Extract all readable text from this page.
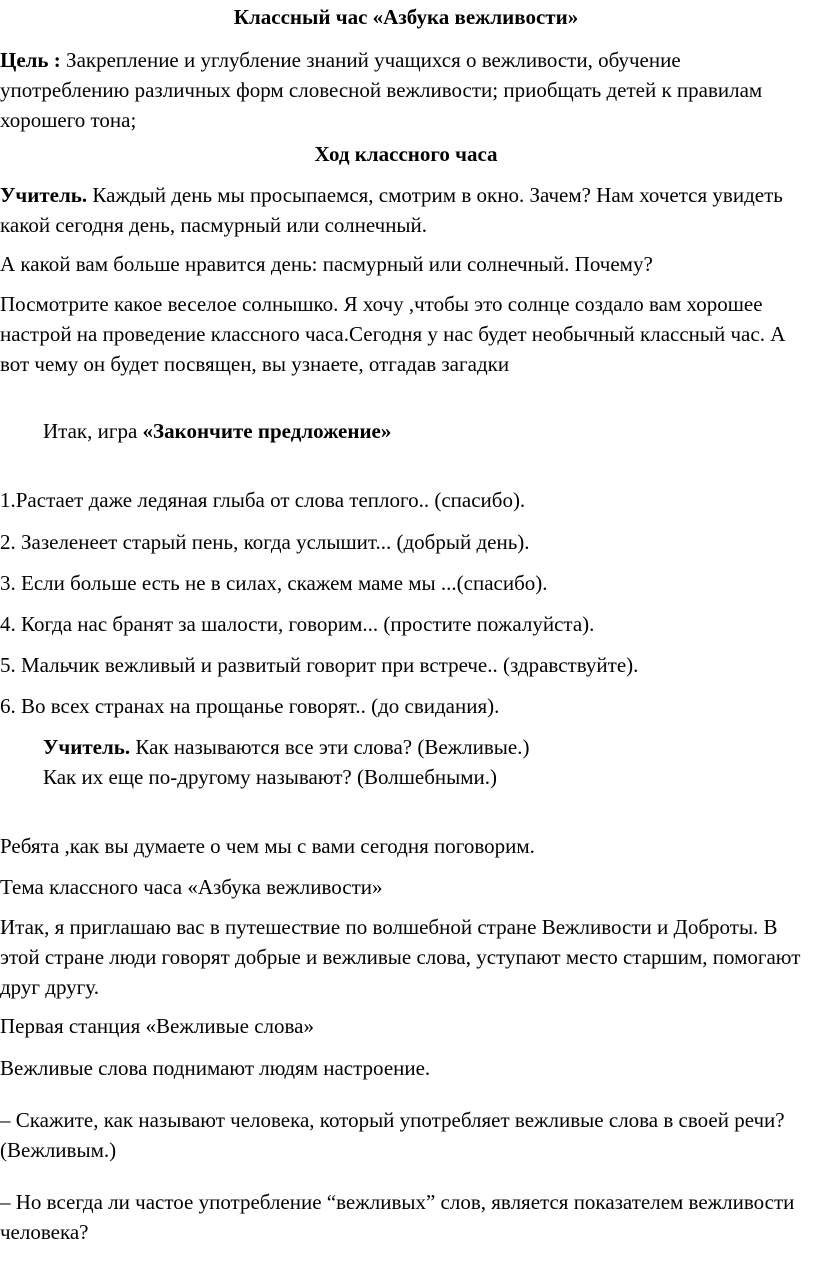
Классный час «Азбука вежливости»

Цель : Закрепление и углубление знаний учащихся о вежливости, обучение употреблению различных форм словесной вежливости; приобщать детей к правилам хорошего тона;

Ход классного часа

Учитель. Каждый день мы просыпаемся, смотрим в окно. Зачем? Нам хочется увидеть какой сегодня день, пасмурный или солнечный.

А какой вам больше нравится день: пасмурный или солнечный. Почему?

Посмотрите какое веселое солнышко. Я хочу ,чтобы это солнце создало вам хорошее настрой на проведение классного часа.Сегодня у нас будет необычный классный час. А вот чему он будет посвящен, вы узнаете, отгадав загадки

Итак, игра «Закончите предложение»

1.Растает даже ледяная глыба от слова теплого.. (спасибо).

2. Зазеленеет старый пень, когда услышит... (добрый день).

3. Если больше есть не в силах, скажем маме мы ...(спасибо).

4. Когда нас бранят за шалости, говорим... (простите пожалуйста).

5. Мальчик вежливый и развитый говорит при встрече.. (здравствуйте).

6. Во всех странах на прощанье говорят.. (до свидания).

Учитель. Как называются все эти слова? (Вежливые.)

Как их еще по-другому называют? (Волшебными.)

Ребята ,как вы думаете о чем мы с вами сегодня поговорим.

Тема классного часа «Азбука вежливости»

Итак, я приглашаю вас в путешествие по волшебной стране Вежливости и Доброты. В этой стране люди говорят добрые и вежливые слова, уступают место старшим, помогают друг другу.

Первая станция «Вежливые слова»

Вежливые слова поднимают людям настроение.

– Скажите, как называют человека, который употребляет вежливые слова в своей речи? (Вежливым.)

– Но всегда ли частое употребление “вежливых” слов, является показателем вежливости человека?
